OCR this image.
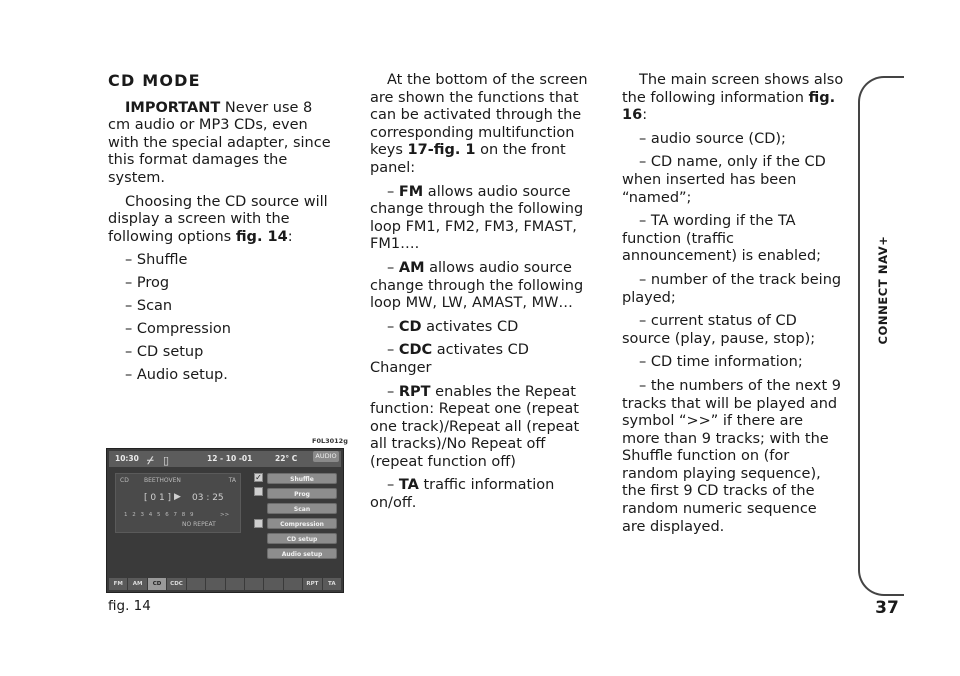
CD MODE

IMPORTANT Never use 8 cm audio or MP3 CDs, even with the special adapter, since this format damages the system.

Choosing the CD source will display a screen with the following options fig. 14:

– Shuffle

– Prog

– Scan

– Compression

– CD setup

– Audio setup.

At the bottom of the screen are shown the functions that can be activated through the corresponding multifunction keys 17-fig. 1 on the front panel:

– FM allows audio source change through the following loop FM1, FM2, FM3, FMAST, FM1….

– AM allows audio source change through the following loop MW, LW, AMAST, MW…

– CD activates CD

– CDC activates CD Changer

– RPT enables the Repeat function: Repeat one (repeat one track)/Repeat all (repeat all tracks)/No Repeat off (repeat function off)

– TA traffic information on/off.

The main screen shows also the following information fig. 16:

– audio source (CD);

– CD name, only if the CD when inserted has been “named”;

– TA wording if the TA function (traffic announcement) is enabled;

– number of the track being played;

– current status of CD source (play, pause, stop);

– CD time information;

– the numbers of the next 9 tracks that will be played and symbol “>>” if there are more than 9 tracks; with the Shuffle function on (for random playing sequence), the first 9 CD tracks of the random numeric sequence are displayed.

F0L3012g
10:30 ⌿ ▯	12 - 10 -01	22° C	AUDIO
CD	BEETHOVEN	TA
[ 0 1 ] ▶ 03 : 25
1 2 3 4 5 6 7 8 9	>>
NO REPEAT
✓	Shuffle
Prog
Scan
Compression
CD setup
Audio setup
FM	AM	CD	CDC	RPT	TA
fig. 14
CONNECT NAV+
37
